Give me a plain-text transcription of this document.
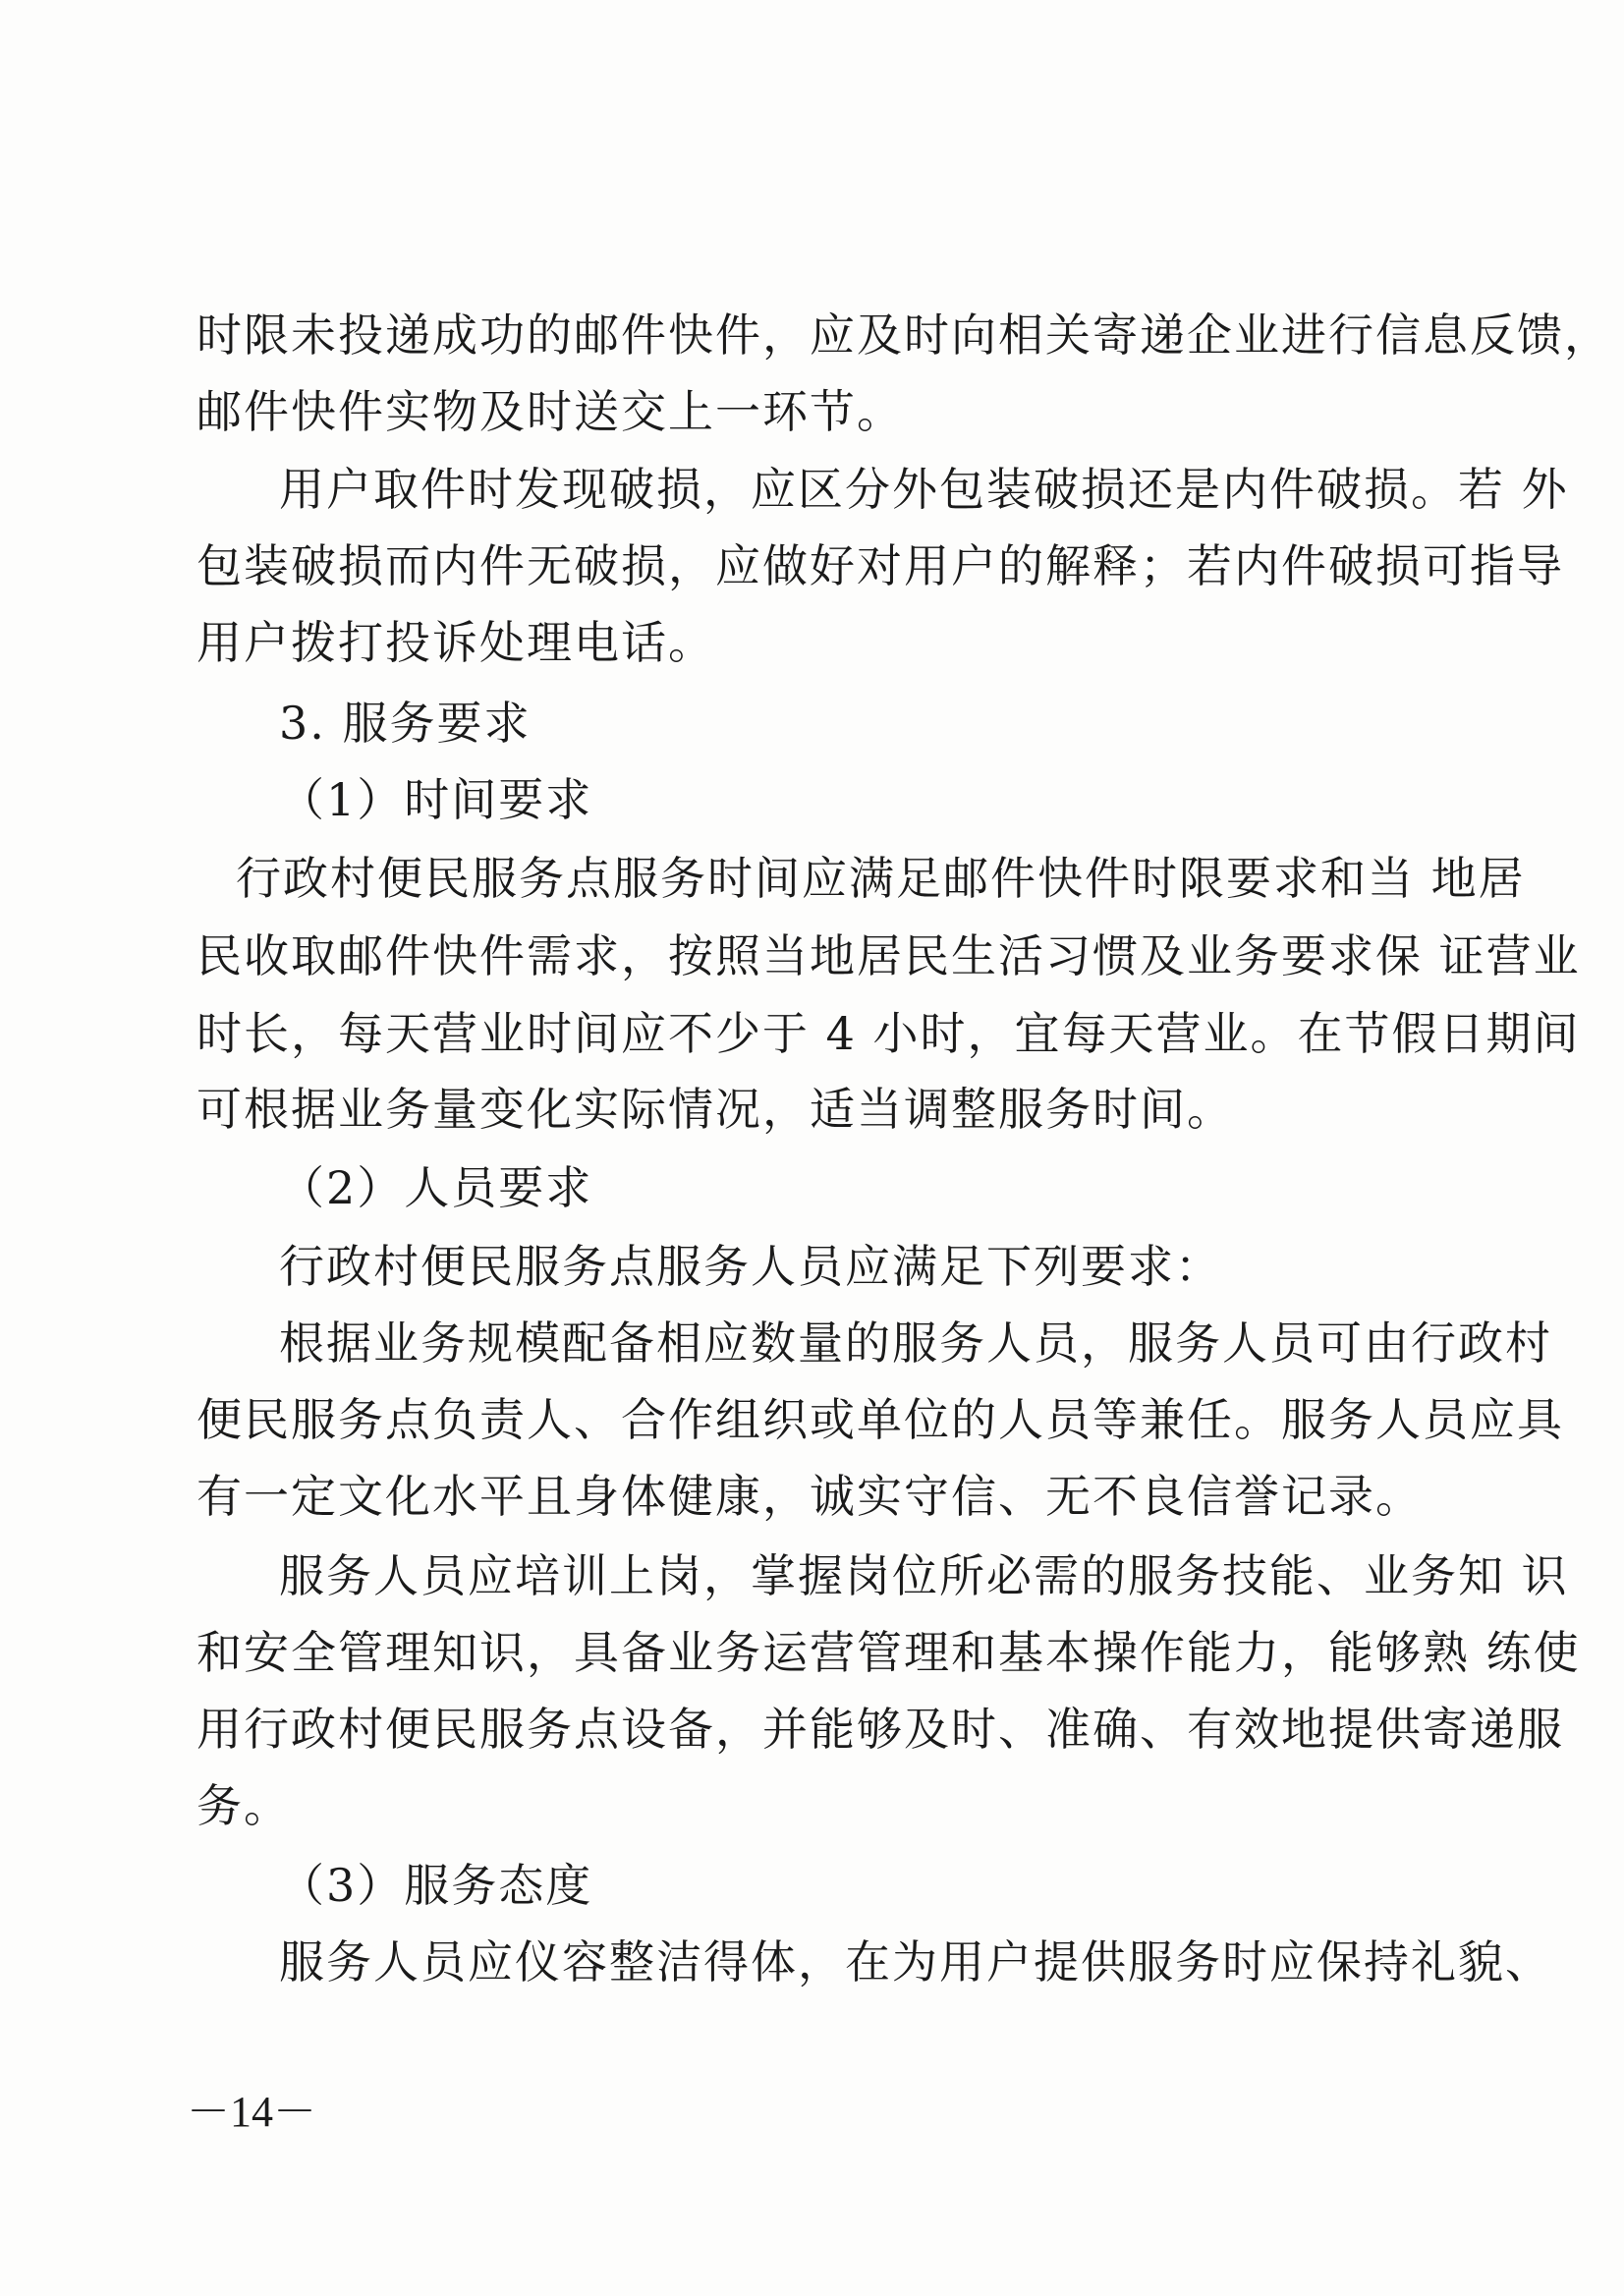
时限未投递成功的邮件快件，应及时向相关寄递企业进行信息反馈，
邮件快件实物及时送交上一环节。
用户取件时发现破损，应区分外包装破损还是内件破损。若 外
包装破损而内件无破损，应做好对用户的解释；若内件破损可指导
用户拨打投诉处理电话。
3. 服务要求
（1）时间要求
行政村便民服务点服务时间应满足邮件快件时限要求和当 地居
民收取邮件快件需求，按照当地居民生活习惯及业务要求保 证营业
时长，每天营业时间应不少于 4 小时，宜每天营业。在节假日期间
可根据业务量变化实际情况，适当调整服务时间。
（2）人员要求
行政村便民服务点服务人员应满足下列要求：
根据业务规模配备相应数量的服务人员，服务人员可由行政村
便民服务点负责人、合作组织或单位的人员等兼任。服务人员应具
有一定文化水平且身体健康，诚实守信、无不良信誉记录。
服务人员应培训上岗，掌握岗位所必需的服务技能、业务知 识
和安全管理知识，具备业务运营管理和基本操作能力，能够熟 练使
用行政村便民服务点设备，并能够及时、准确、有效地提供寄递服
务。
（3）服务态度
服务人员应仪容整洁得体，在为用户提供服务时应保持礼貌、
－14－
